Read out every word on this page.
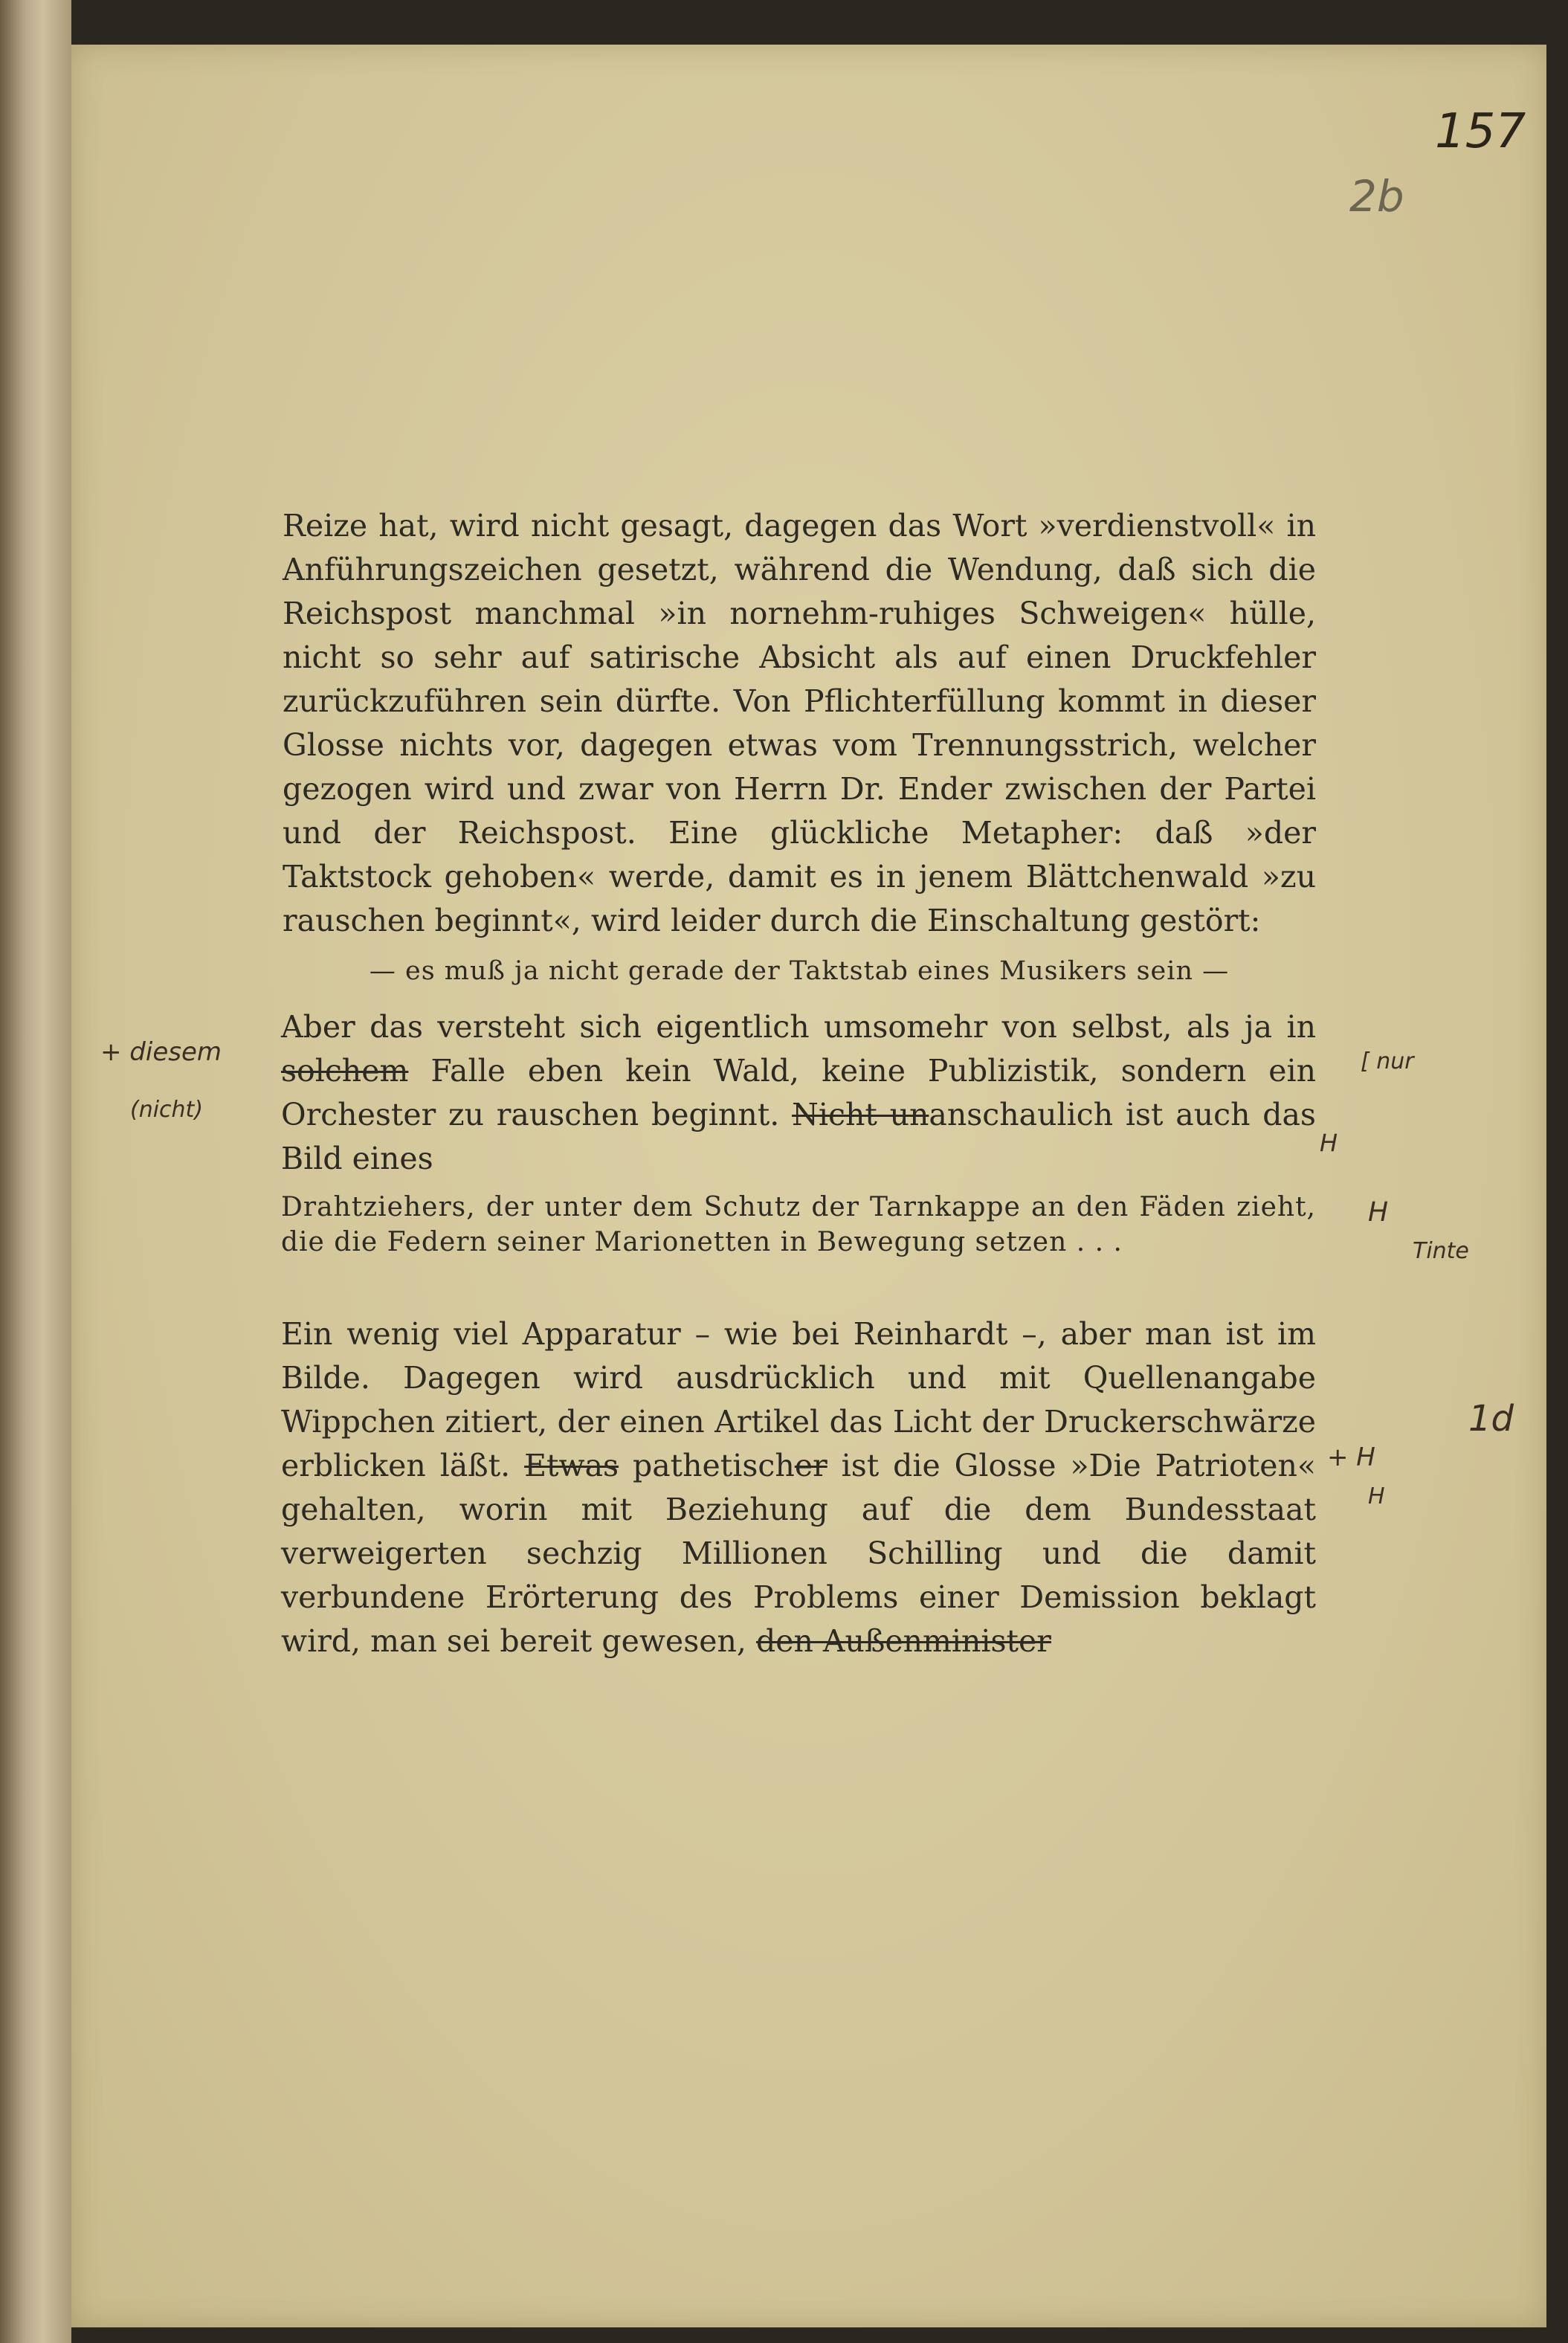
157
2b
Reize hat, wird nicht gesagt, dagegen das Wort »verdienstvoll« in Anführungszeichen gesetzt, während die Wendung, daß sich die Reichspost manchmal »in nornehm-ruhiges Schweigen« hülle, nicht so sehr auf satirische Absicht als auf einen Druckfehler zurückzuführen sein dürfte. Von Pflichterfüllung kommt in dieser Glosse nichts vor, dagegen etwas vom Trennungsstrich, welcher gezogen wird und zwar von Herrn Dr. Ender zwischen der Partei und der Reichspost. Eine glückliche Metapher: daß »der Taktstock gehoben« werde, damit es in jenem Blättchenwald »zu rauschen beginnt«, wird leider durch die Einschaltung gestört:
— es muß ja nicht gerade der Taktstab eines Musikers sein —
Aber das versteht sich eigentlich umsomehr von selbst, als ja in solchem Falle eben kein Wald, keine Publizistik, sondern ein Orchester zu rauschen beginnt. Nicht unanschaulich ist auch das Bild eines
Drahtziehers, der unter dem Schutz der Tarnkappe an den Fäden zieht, die die Federn seiner Marionetten in Bewegung setzen . . .
Ein wenig viel Apparatur – wie bei Reinhardt –, aber man ist im Bilde. Dagegen wird ausdrücklich und mit Quellenangabe Wippchen zitiert, der einen Artikel das Licht der Druckerschwärze erblicken läßt. Etwas pathetischer ist die Glosse »Die Patrioten« gehalten, worin mit Beziehung auf die dem Bundesstaat verweigerten sechzig Millionen Schilling und die damit verbundene Erörterung des Problems einer Demission beklagt wird, man sei bereit gewesen, den Außenminister
+ diesem
(nicht)
[ nur
H
H
Tinte
1d
+ H
H
